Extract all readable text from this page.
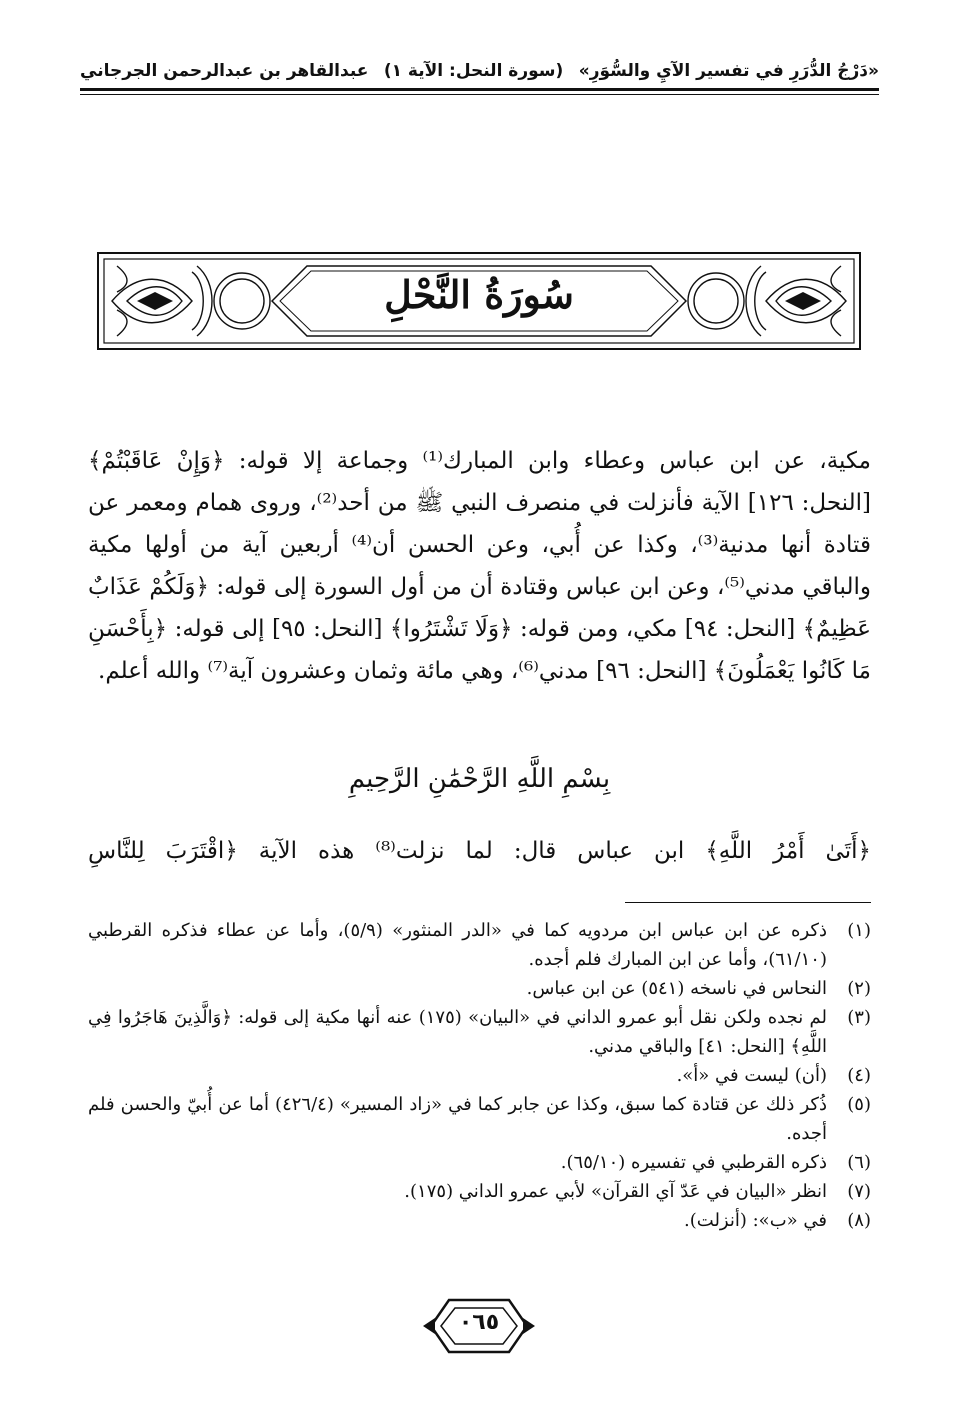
«دَرْجُ الدُّرَرِ في تفسير الآيِ والسُّوَرِ»
(سورة النحل: الآية ١)
عبدالقاهر بن عبدالرحمن الجرجاني
سُورَةُ النَّحْلِ

مكية، عن ابن عباس وعطاء وابن المبارك⁽¹⁾ وجماعة إلا قوله: ﴿وَإِنْ عَاقَبْتُمْ﴾ [النحل: ١٢٦] الآية فأنزلت في منصرف النبي ﷺ من أحد⁽²⁾، وروى همام ومعمر عن قتادة أنها مدنية⁽³⁾، وكذا عن أُبي، وعن الحسن أن⁽⁴⁾ أربعين آية من أولها مكية والباقي مدني⁽⁵⁾، وعن ابن عباس وقتادة أن من أول السورة إلى قوله: ﴿وَلَكُمْ عَذَابٌ عَظِيمٌ﴾ [النحل: ٩٤] مكي، ومن قوله: ﴿وَلَا تَشْتَرُوا﴾ [النحل: ٩٥] إلى قوله: ﴿بِأَحْسَنِ مَا كَانُوا يَعْمَلُونَ﴾ [النحل: ٩٦] مدني⁽⁶⁾، وهي مائة وثمان وعشرون آية⁽⁷⁾ والله أعلم.

بِسْمِ اللَّهِ الرَّحْمَٰنِ الرَّحِيمِ
﴿أَتَىٰ أَمْرُ اللَّهِ﴾ ابن عباس قال: لما نزلت⁽⁸⁾ هذه الآية ﴿اقْتَرَبَ لِلنَّاسِ
(١)
ذكره عن ابن عباس ابن مردويه كما في «الدر المنثور» (٥/٩)، وأما عن عطاء فذكره القرطبي (٦١/١٠)، وأما عن ابن المبارك فلم أجده.
(٢)
النحاس في ناسخه (٥٤١) عن ابن عباس.
(٣)
لم نجده ولكن نقل أبو عمرو الداني في «البيان» (١٧٥) عنه أنها مكية إلى قوله: ﴿وَالَّذِينَ هَاجَرُوا فِي اللَّهِ﴾ [النحل: ٤١] والباقي مدني.
(٤)
(أن) ليست في «أ».
(٥)
ذُكر ذلك عن قتادة كما سبق، وكذا عن جابر كما في «زاد المسير» (٤٢٦/٤) أما عن أُبيّ والحسن فلم أجده.
(٦)
ذكره القرطبي في تفسيره (٦٥/١٠).
(٧)
انظر «البيان في عَدّ آي القرآن» لأبي عمرو الداني (١٧٥).
(٨)
في «ب»: (أنزلت).
٠٦٥
